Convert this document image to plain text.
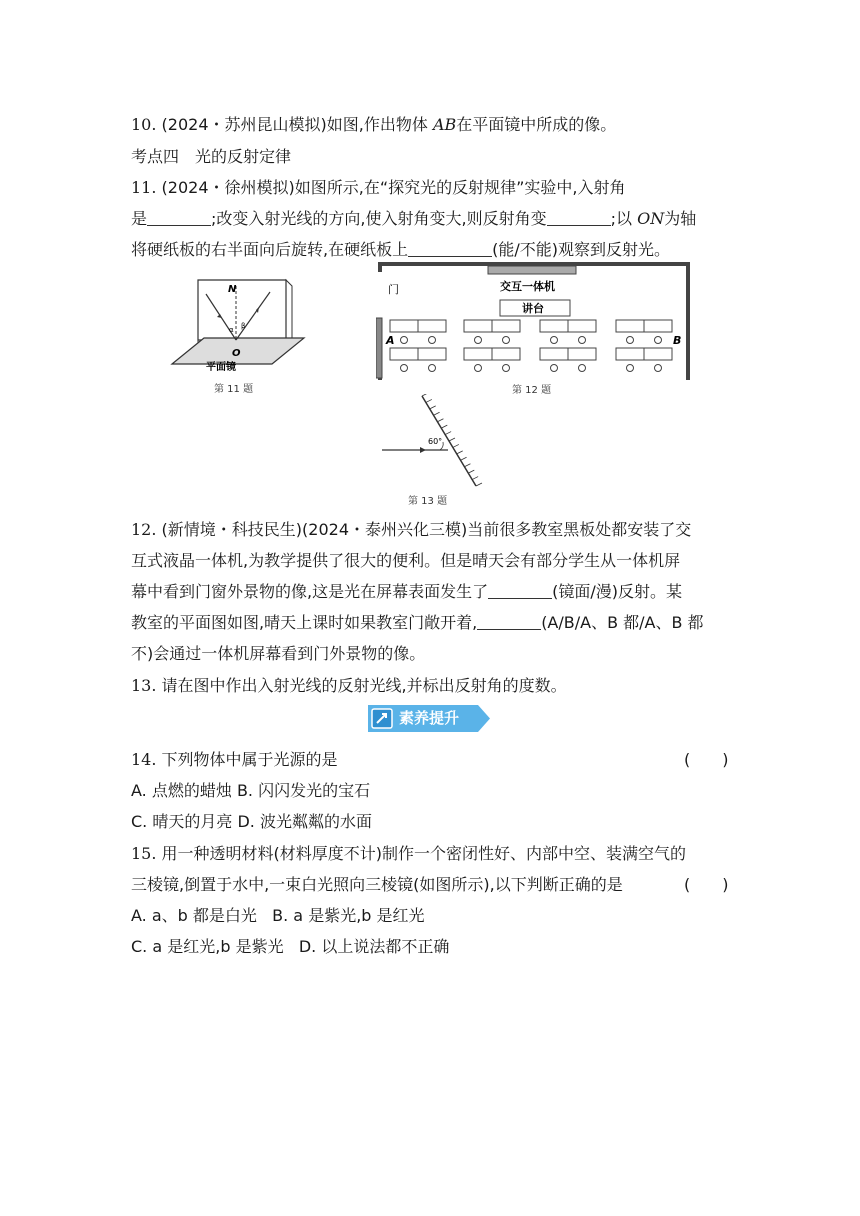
10. (2024・苏州昆山模拟)如图,作出物体 AB在平面镜中所成的像。
考点四　光的反射定律
11. (2024・徐州模拟)如图所示,在“探究光的反射规律”实验中,入射角
是	;改变入射光线的方向,使入射角变大,则反射角变	;以 ON为轴
将硬纸板的右半面向后旋转,在硬纸板上	(能/不能)观察到反射光。
N
O
α β
平面镜
第 11 题
门	交互一体机
讲台
A	B
第 12 题
60°
第 13 题
12. (新情境・科技民生)(2024・泰州兴化三模)当前很多教室黑板处都安装了交
互式液晶一体机,为教学提供了很大的便利。但是晴天会有部分学生从一体机屏
幕中看到门窗外景物的像,这是光在屏幕表面发生了	(镜面/漫)反射。某
教室的平面图如图,晴天上课时如果教室门敞开着,	(A/B/A、B 都/A、B 都
不)会通过一体机屏幕看到门外景物的像。
13. 请在图中作出入射光线的反射光线,并标出反射角的度数。
素养提升
14. 下列物体中属于光源的是	(　　)
A. 点燃的蜡烛 B. 闪闪发光的宝石
C. 晴天的月亮 D. 波光粼粼的水面
15. 用一种透明材料(材料厚度不计)制作一个密闭性好、内部中空、装满空气的
三棱镜,倒置于水中,一束白光照向三棱镜(如图所示),以下判断正确的是	(　　)
A. a、b 都是白光 B. a 是紫光,b 是红光
C. a 是红光,b 是紫光 D. 以上说法都不正确
